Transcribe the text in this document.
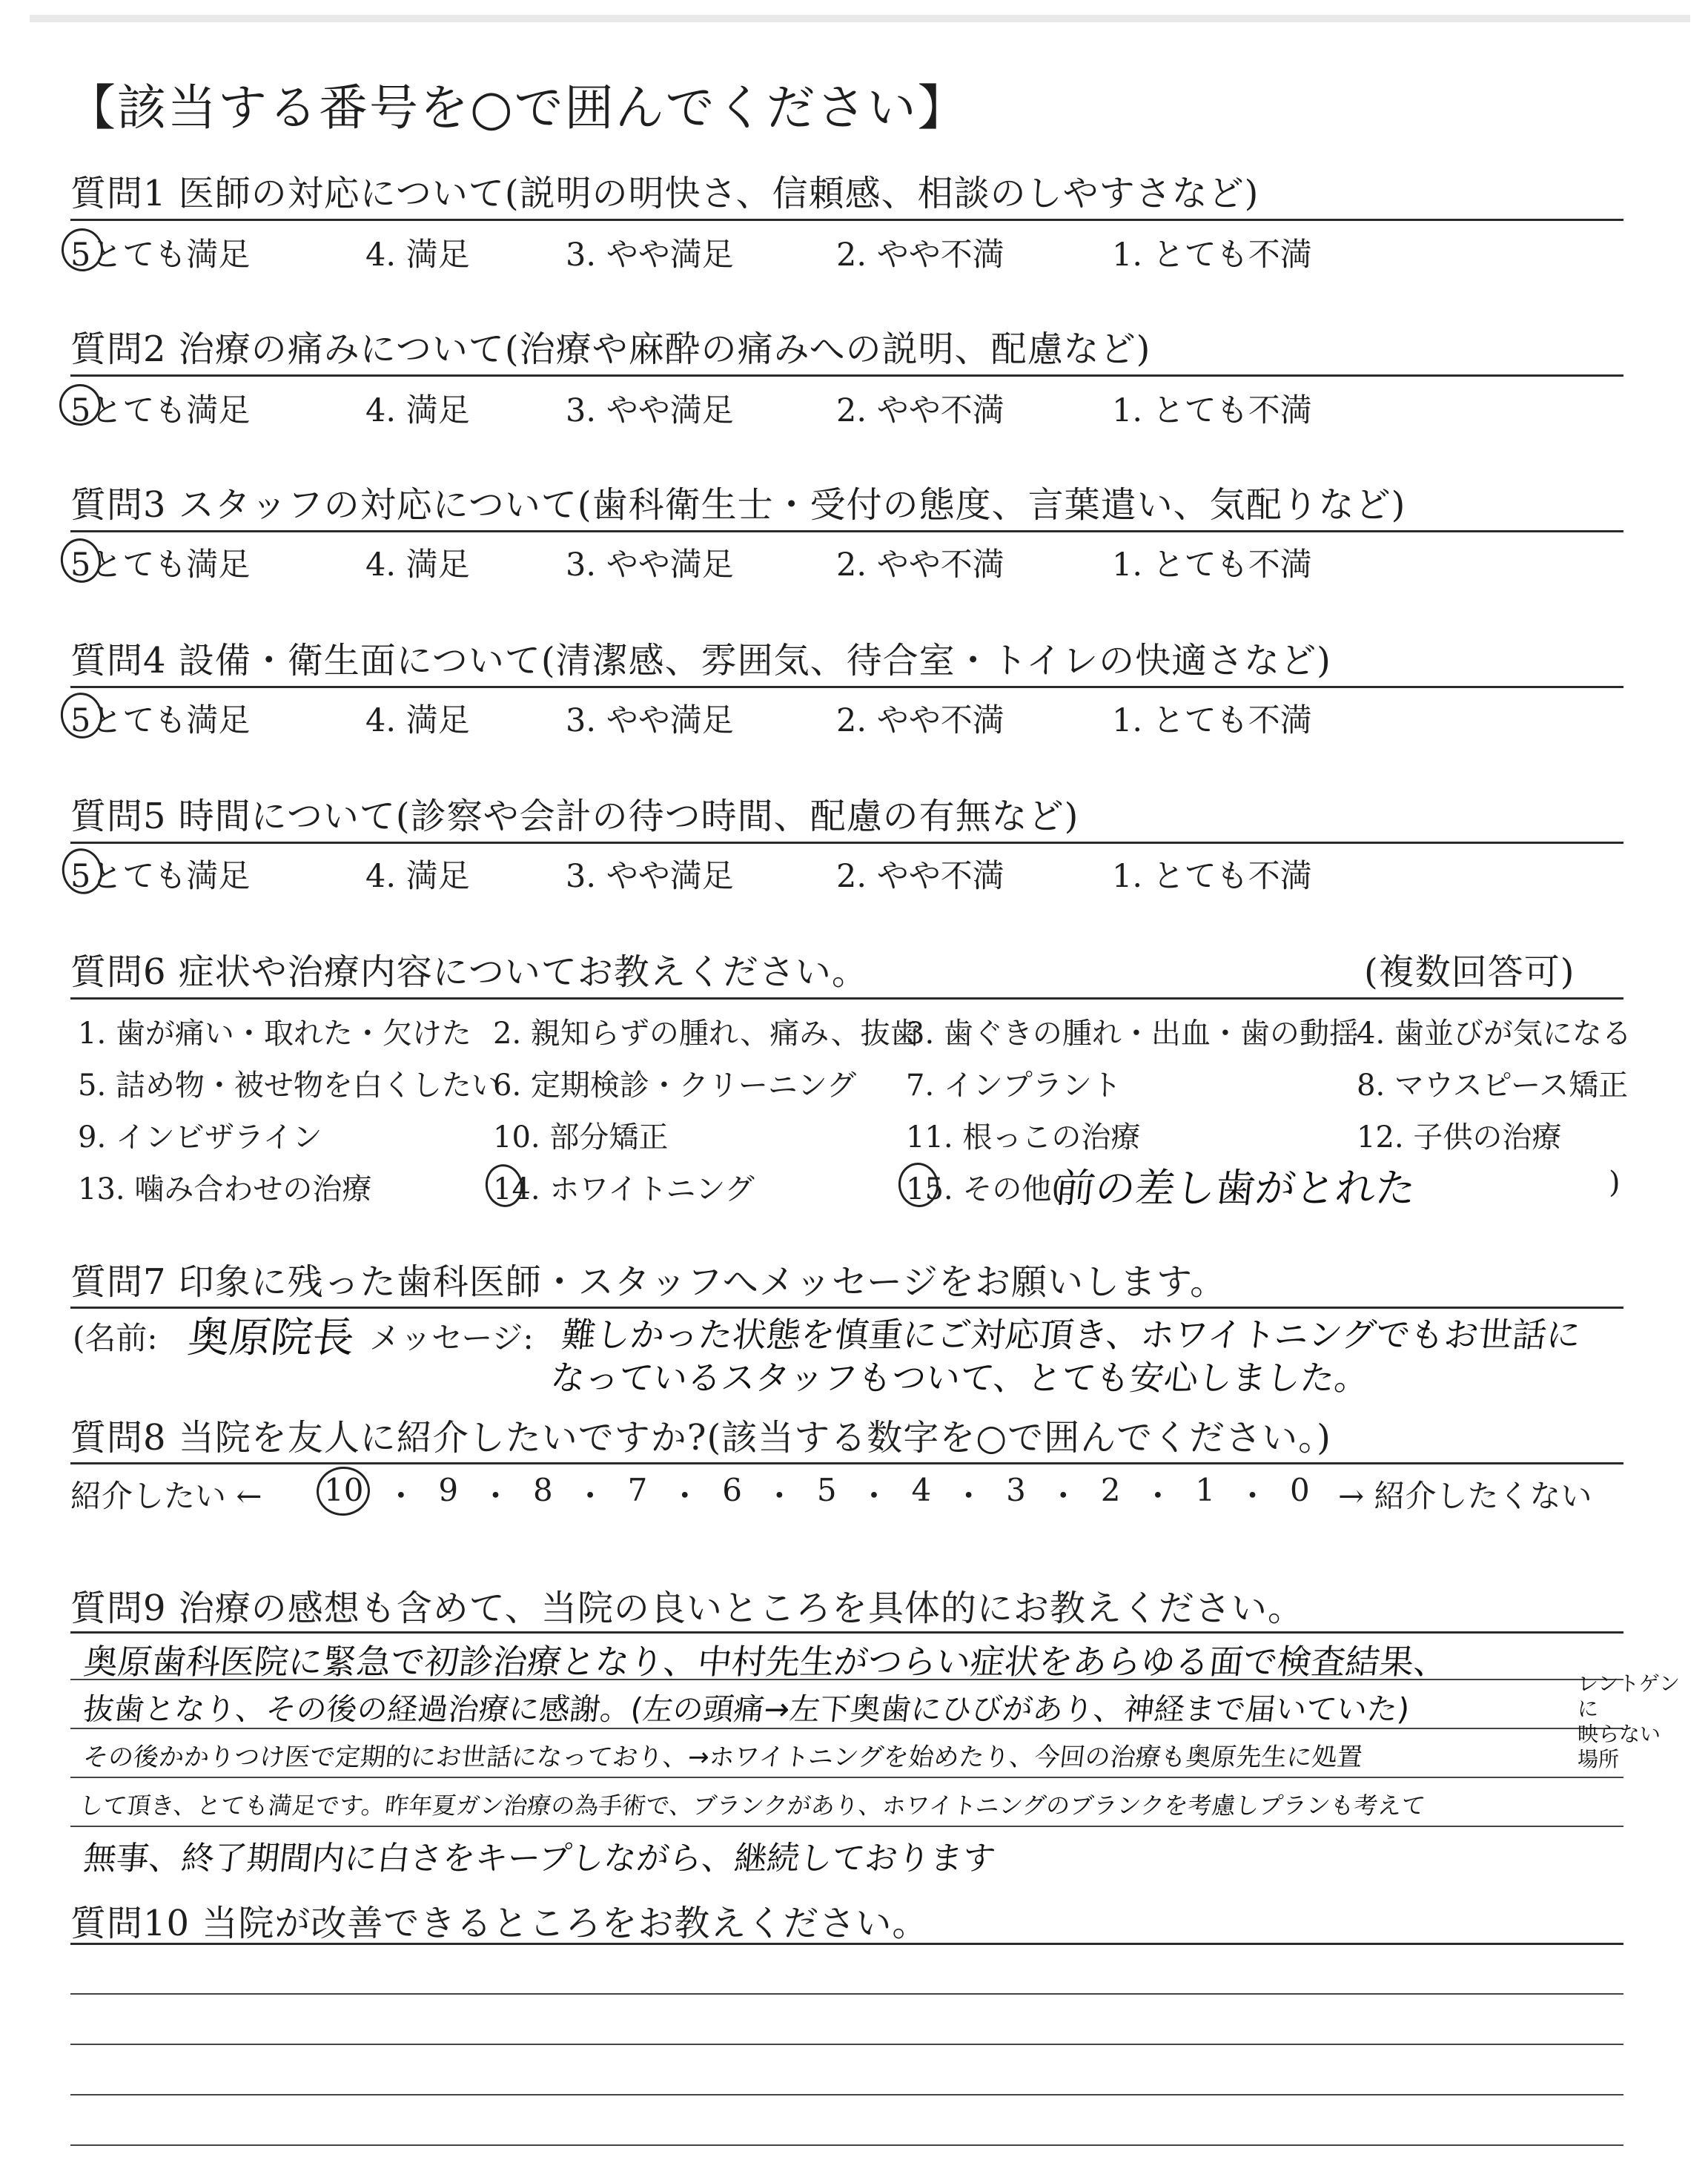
【該当する番号を○で囲んでください】
質問1 医師の対応について(説明の明快さ、信頼感、相談のしやすさなど)
5とても満足	4. 満足	3. やや満足	2. やや不満	1. とても不満
質問2 治療の痛みについて(治療や麻酔の痛みへの説明、配慮など)
5とても満足	4. 満足	3. やや満足	2. やや不満	1. とても不満
質問3 スタッフの対応について(歯科衛生士・受付の態度、言葉遣い、気配りなど)
5とても満足	4. 満足	3. やや満足	2. やや不満	1. とても不満
質問4 設備・衛生面について(清潔感、雰囲気、待合室・トイレの快適さなど)
5とても満足	4. 満足	3. やや満足	2. やや不満	1. とても不満
質問5 時間について(診察や会計の待つ時間、配慮の有無など)
5とても満足	4. 満足	3. やや満足	2. やや不満	1. とても不満
質問6 症状や治療内容についてお教えください。	(複数回答可)
1. 歯が痛い・取れた・欠けた 2. 親知らずの腫れ、痛み、抜歯
3. 歯ぐきの腫れ・出血・歯の動揺
4. 歯並びが気になる
5. 詰め物・被せ物を白くしたい
6. 定期検診・クリーニング 7. インプラント	8. マウスピース矯正
9. インビザライン	10. 部分矯正	11. 根っこの治療	12. 子供の治療
13. 噛み合わせの治療	14. ホワイトニング	15. その他(
前の差し歯がとれた	)
質問7 印象に残った歯科医師・スタッフへメッセージをお願いします。
(名前: 奥原院長 メッセージ: 難しかった状態を慎重にご対応頂き、ホワイトニングでもお世話に
なっているスタッフもついて、とても安心しました。
質問8 当院を友人に紹介したいですか?(該当する数字を○で囲んでください。)
紹介したい ← 10 ・ 9 ・ 8 ・ 7 ・ 6 ・ 5 ・ 4 ・ 3 ・ 2 ・ 1 ・ 0 → 紹介したくない
質問9 治療の感想も含めて、当院の良いところを具体的にお教えください。
奥原歯科医院に緊急で初診治療となり、中村先生がつらい症状をあらゆる面で検査結果、
抜歯となり、その後の経過治療に感謝。(左の頭痛→左下奥歯にひびがあり、神経まで届いていた)
その後かかりつけ医で定期的にお世話になっており、→ホワイトニングを始めたり、今回の治療も奥原先生に処置
して頂き、とても満足です。昨年夏ガン治療の為手術で、ブランクがあり、ホワイトニングのブランクを考慮しプランも考えて
無事、終了期間内に白さをキープしながら、継続しております
レントゲンに
映らない
場所
質問10 当院が改善できるところをお教えください。
